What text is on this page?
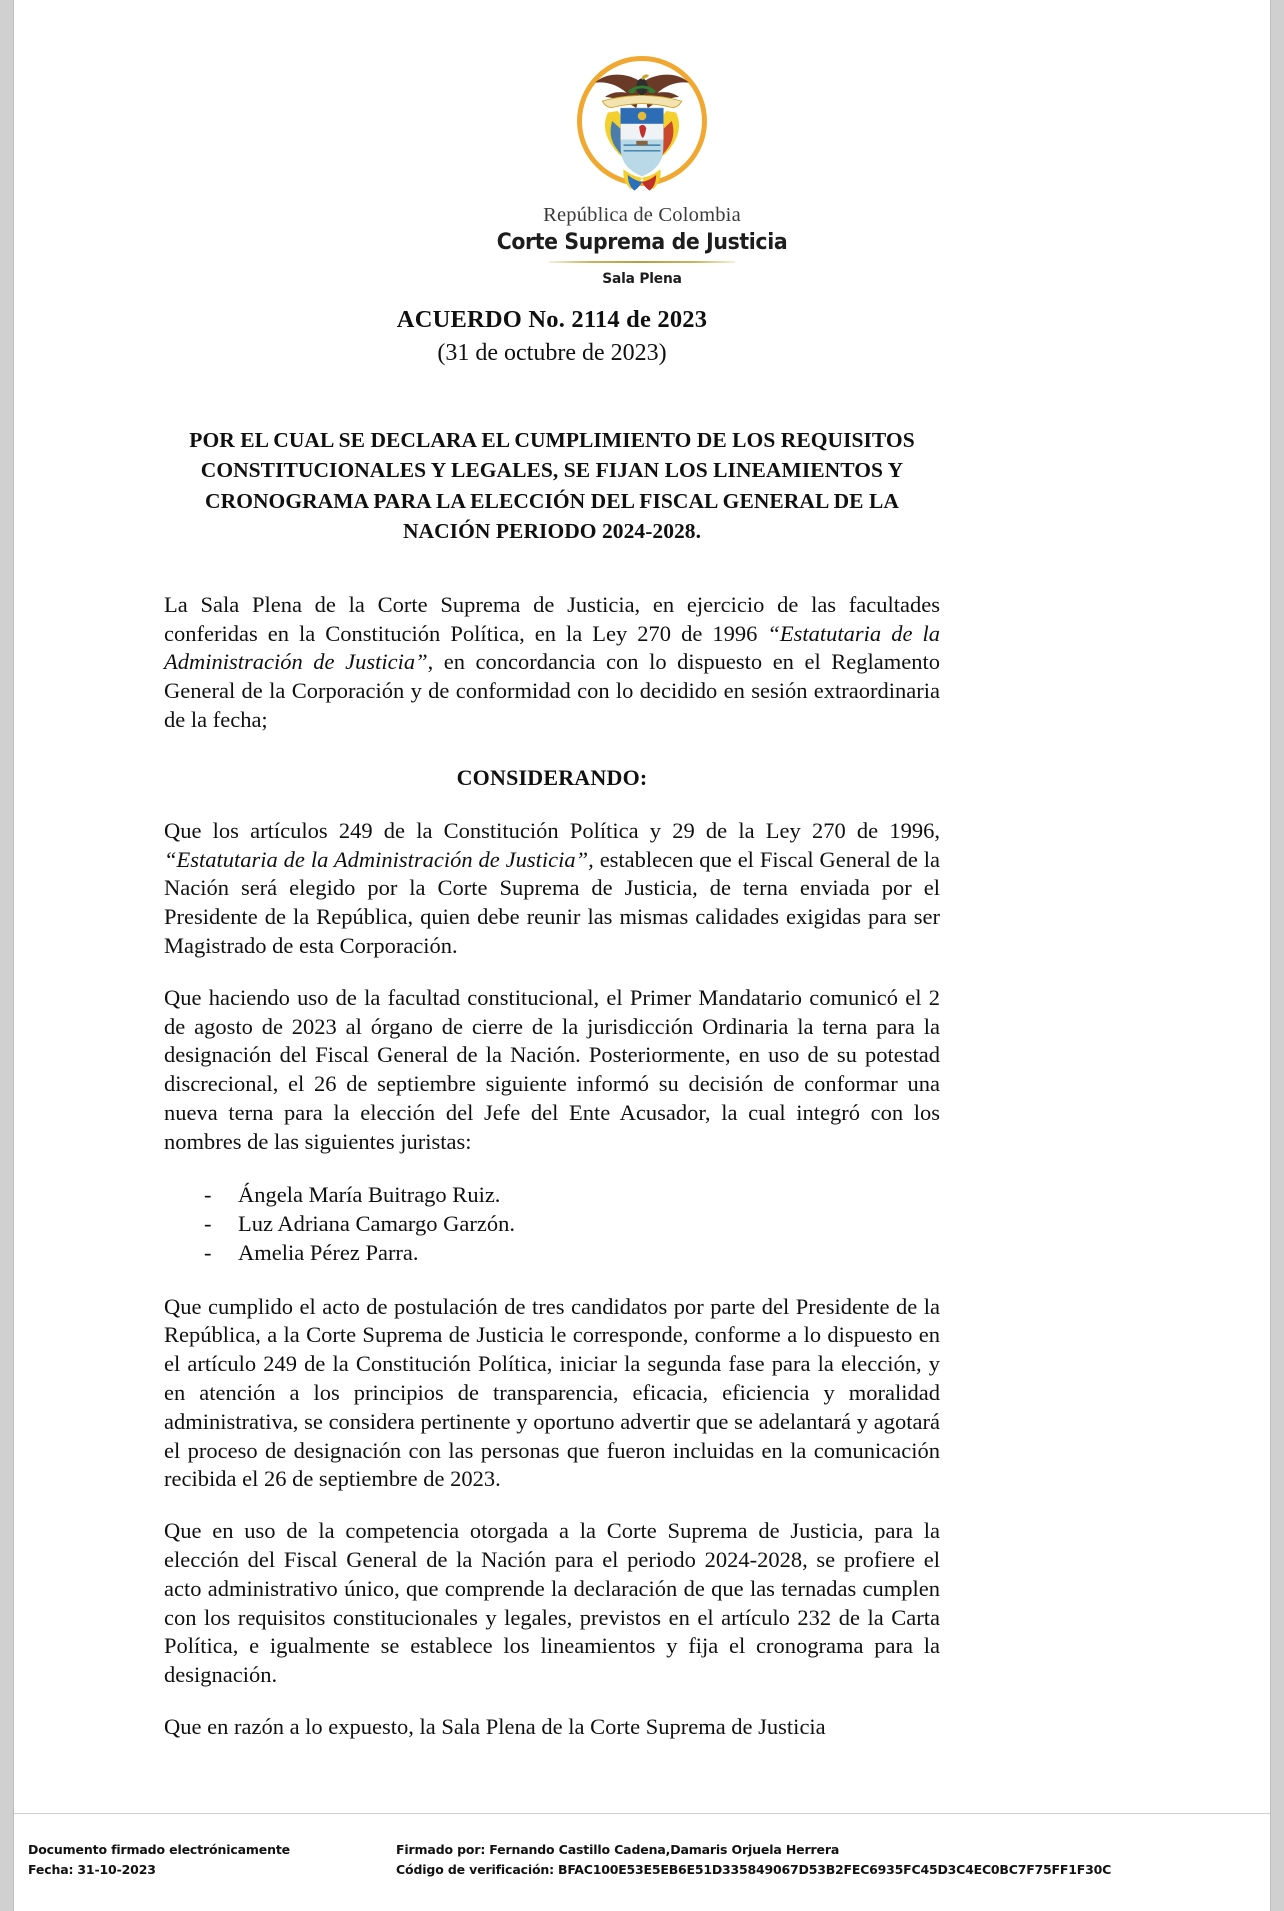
República de Colombia
Corte Suprema de Justicia
Sala Plena
ACUERDO No. 2114 de 2023
(31 de octubre de 2023)
POR EL CUAL SE DECLARA EL CUMPLIMIENTO DE LOS REQUISITOS CONSTITUCIONALES Y LEGALES, SE FIJAN LOS LINEAMIENTOS Y CRONOGRAMA PARA LA ELECCIÓN DEL FISCAL GENERAL DE LA NACIÓN PERIODO 2024-2028.

La Sala Plena de la Corte Suprema de Justicia, en ejercicio de las facultades conferidas en la Constitución Política, en la Ley 270 de 1996 “Estatutaria de la Administración de Justicia”, en concordancia con lo dispuesto en el Reglamento General de la Corporación y de conformidad con lo decidido en sesión extraordinaria de la fecha;

CONSIDERANDO:

Que los artículos 249 de la Constitución Política y 29 de la Ley 270 de 1996, “Estatutaria de la Administración de Justicia”, establecen que el Fiscal General de la Nación será elegido por la Corte Suprema de Justicia, de terna enviada por el Presidente de la República, quien debe reunir las mismas calidades exigidas para ser Magistrado de esta Corporación.

Que haciendo uso de la facultad constitucional, el Primer Mandatario comunicó el 2 de agosto de 2023 al órgano de cierre de la jurisdicción Ordinaria la terna para la designación del Fiscal General de la Nación. Posteriormente, en uso de su potestad discrecional, el 26 de septiembre siguiente informó su decisión de conformar una nueva terna para la elección del Jefe del Ente Acusador, la cual integró con los nombres de las siguientes juristas:

-	Ángela María Buitrago Ruiz.
-	Luz Adriana Camargo Garzón.
-	Amelia Pérez Parra.

Que cumplido el acto de postulación de tres candidatos por parte del Presidente de la República, a la Corte Suprema de Justicia le corresponde, conforme a lo dispuesto en el artículo 249 de la Constitución Política, iniciar la segunda fase para la elección, y en atención a los principios de transparencia, eficacia, eficiencia y moralidad administrativa, se considera pertinente y oportuno advertir que se adelantará y agotará el proceso de designación con las personas que fueron incluidas en la comunicación recibida el 26 de septiembre de 2023.

Que en uso de la competencia otorgada a la Corte Suprema de Justicia, para la elección del Fiscal General de la Nación para el periodo 2024-2028, se profiere el acto administrativo único, que comprende la declaración de que las ternadas cumplen con los requisitos constitucionales y legales, previstos en el artículo 232 de la Carta Política, e igualmente se establece los lineamientos y fija el cronograma para la designación.

Que en razón a lo expuesto, la Sala Plena de la Corte Suprema de Justicia

Documento firmado electrónicamente
Fecha: 31-10-2023
Firmado por: Fernando Castillo Cadena,Damaris Orjuela Herrera
Código de verificación: BFAC100E53E5EB6E51D335849067D53B2FEC6935FC45D3C4EC0BC7F75FF1F30C
